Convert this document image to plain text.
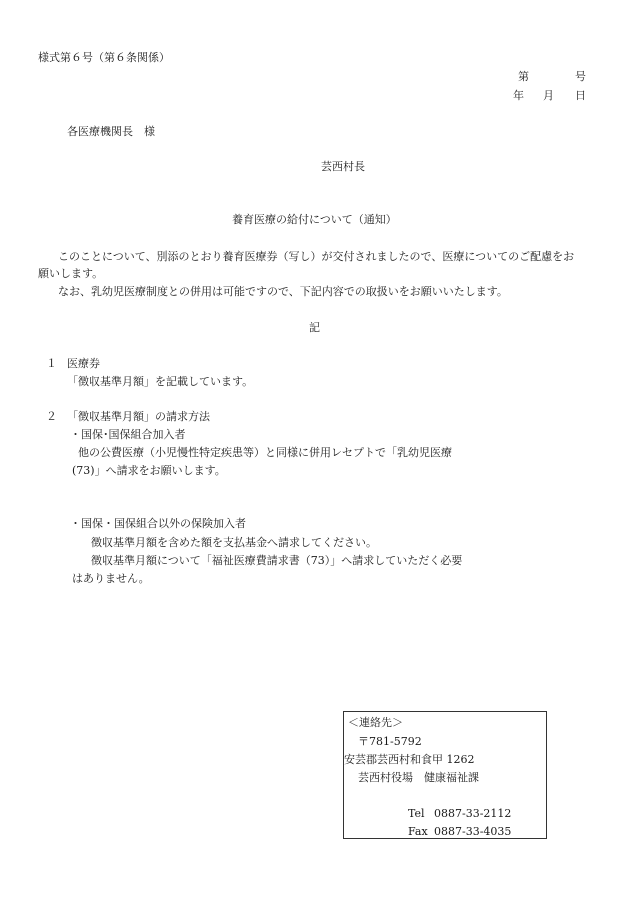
様式第６号（第６条関係）
第	号
年 月 日
各医療機関長　様
芸西村長
養育医療の給付について（通知）
このことについて、別添のとおり養育医療券（写し）が交付されましたので、医療についてのご配慮をお
願いします。
なお、乳幼児医療制度との併用は可能ですので、下記内容での取扱いをお願いいたします。
記
１ 医療券
「徴収基準月額」を記載しています。
２ 「徴収基準月額」の請求方法
・国保･国保組合加入者
他の公費医療（小児慢性特定疾患等）と同様に併用レセプトで「乳幼児医療
(73)」へ請求をお願いします。
・国保・国保組合以外の保険加入者
徴収基準月額を含めた額を支払基金へ請求してください。
徴収基準月額について「福祉医療費請求書（73）」へ請求していただく必要
はありません。
＜連絡先＞
〒781-5792
安芸郡芸西村和食甲 1262
芸西村役場　健康福祉課
Tel 0887-33-2112
Fax 0887-33-4035
